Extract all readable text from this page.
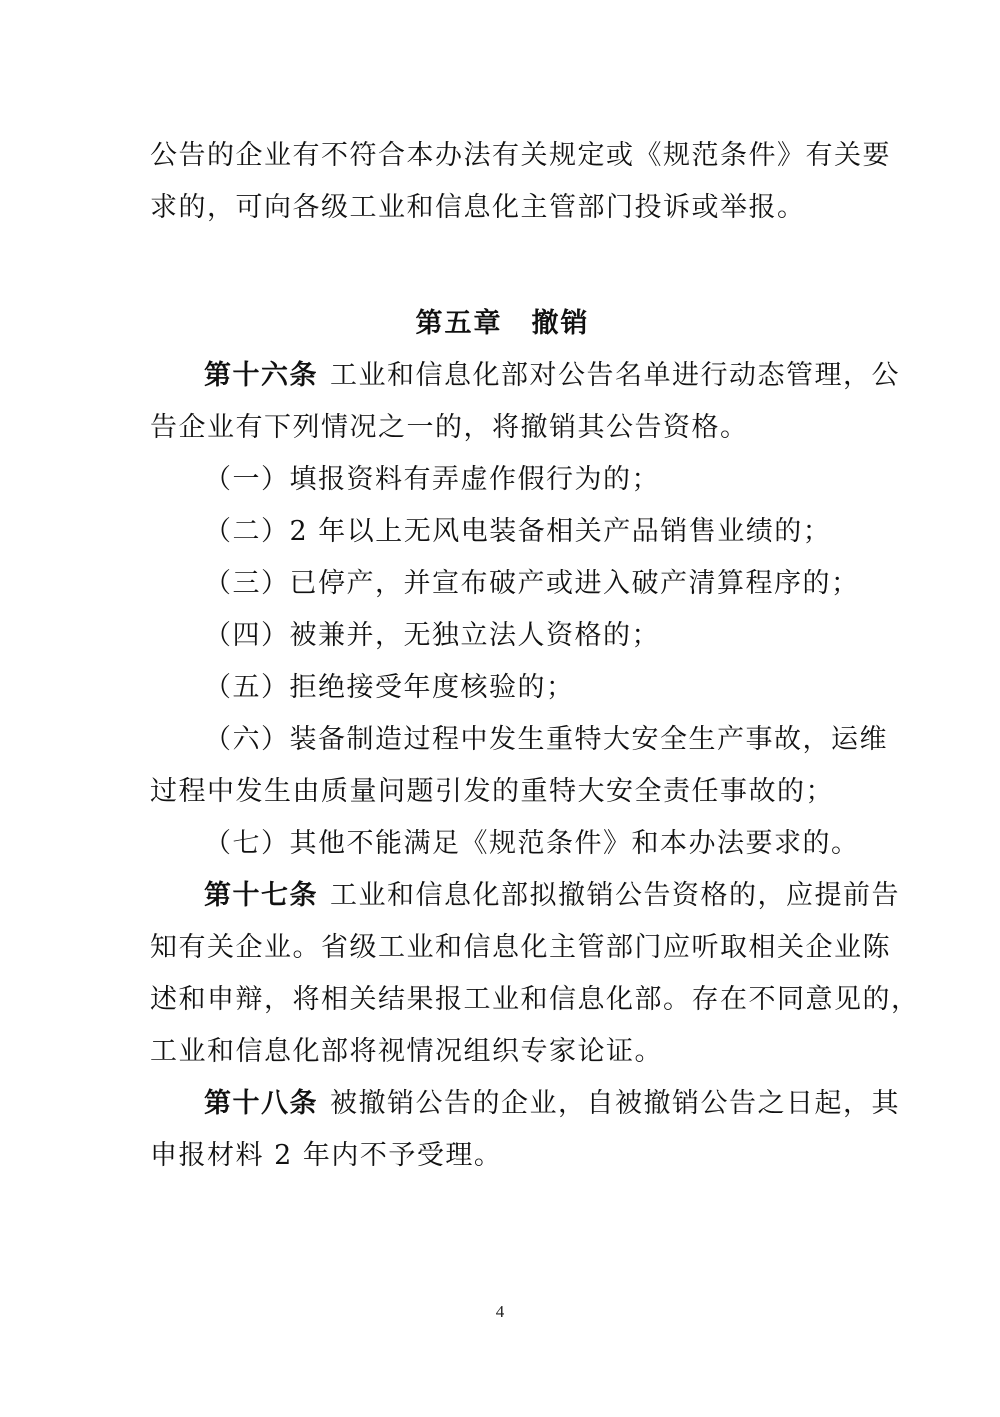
公告的企业有不符合本办法有关规定或《规范条件》有关要
求的，可向各级工业和信息化主管部门投诉或举报。
第五章　撤销
第十六条 工业和信息化部对公告名单进行动态管理，公
告企业有下列情况之一的，将撤销其公告资格。
（一）填报资料有弄虚作假行为的；
（二）2 年以上无风电装备相关产品销售业绩的；
（三）已停产，并宣布破产或进入破产清算程序的；
（四）被兼并，无独立法人资格的；
（五）拒绝接受年度核验的；
（六）装备制造过程中发生重特大安全生产事故，运维
过程中发生由质量问题引发的重特大安全责任事故的；
（七）其他不能满足《规范条件》和本办法要求的。
第十七条 工业和信息化部拟撤销公告资格的，应提前告
知有关企业。省级工业和信息化主管部门应听取相关企业陈
述和申辩，将相关结果报工业和信息化部。存在不同意见的，
工业和信息化部将视情况组织专家论证。
第十八条 被撤销公告的企业，自被撤销公告之日起，其
申报材料 2 年内不予受理。
4
